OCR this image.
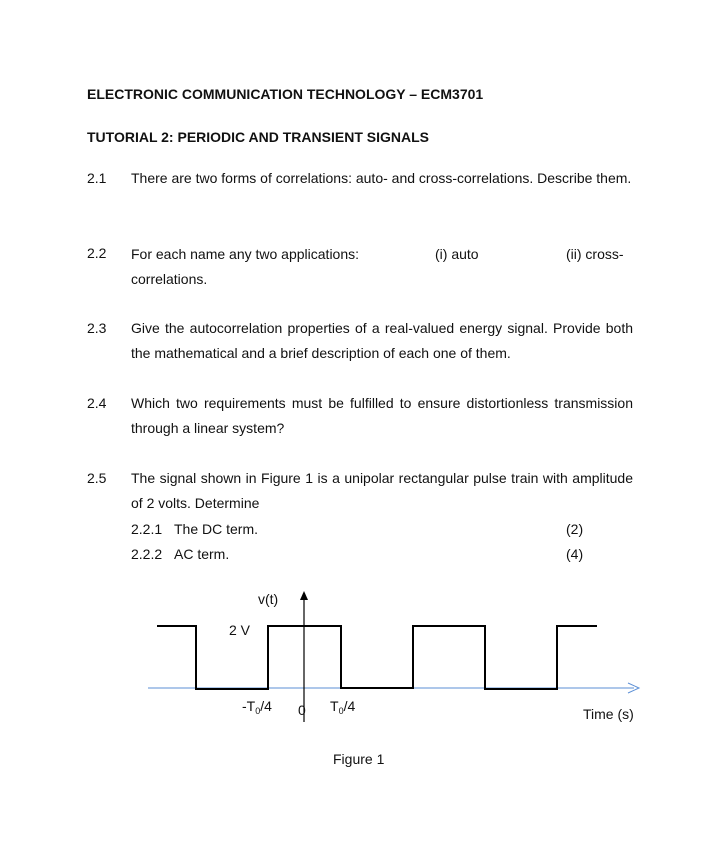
ELECTRONIC COMMUNICATION TECHNOLOGY – ECM3701
TUTORIAL 2: PERIODIC AND TRANSIENT SIGNALS
2.1 There are two forms of correlations: auto- and cross-correlations. Describe them.
2.2 For each name any two applications:	(i) auto	(ii) cross-
correlations.
2.3 Give the autocorrelation properties of a real-valued energy signal. Provide both the mathematical and a brief description of each one of them.
2.4 Which two requirements must be fulfilled to ensure distortionless transmission through a linear system?
2.5 The signal shown in Figure 1 is a unipolar rectangular pulse train with amplitude of 2 volts. Determine
2.2.1 The DC term.	(2)
2.2.2 AC term.	(4)
v(t)
2 V
$-T_0/4$ 0 $T_0/4$	Time (s)
Figure 1
